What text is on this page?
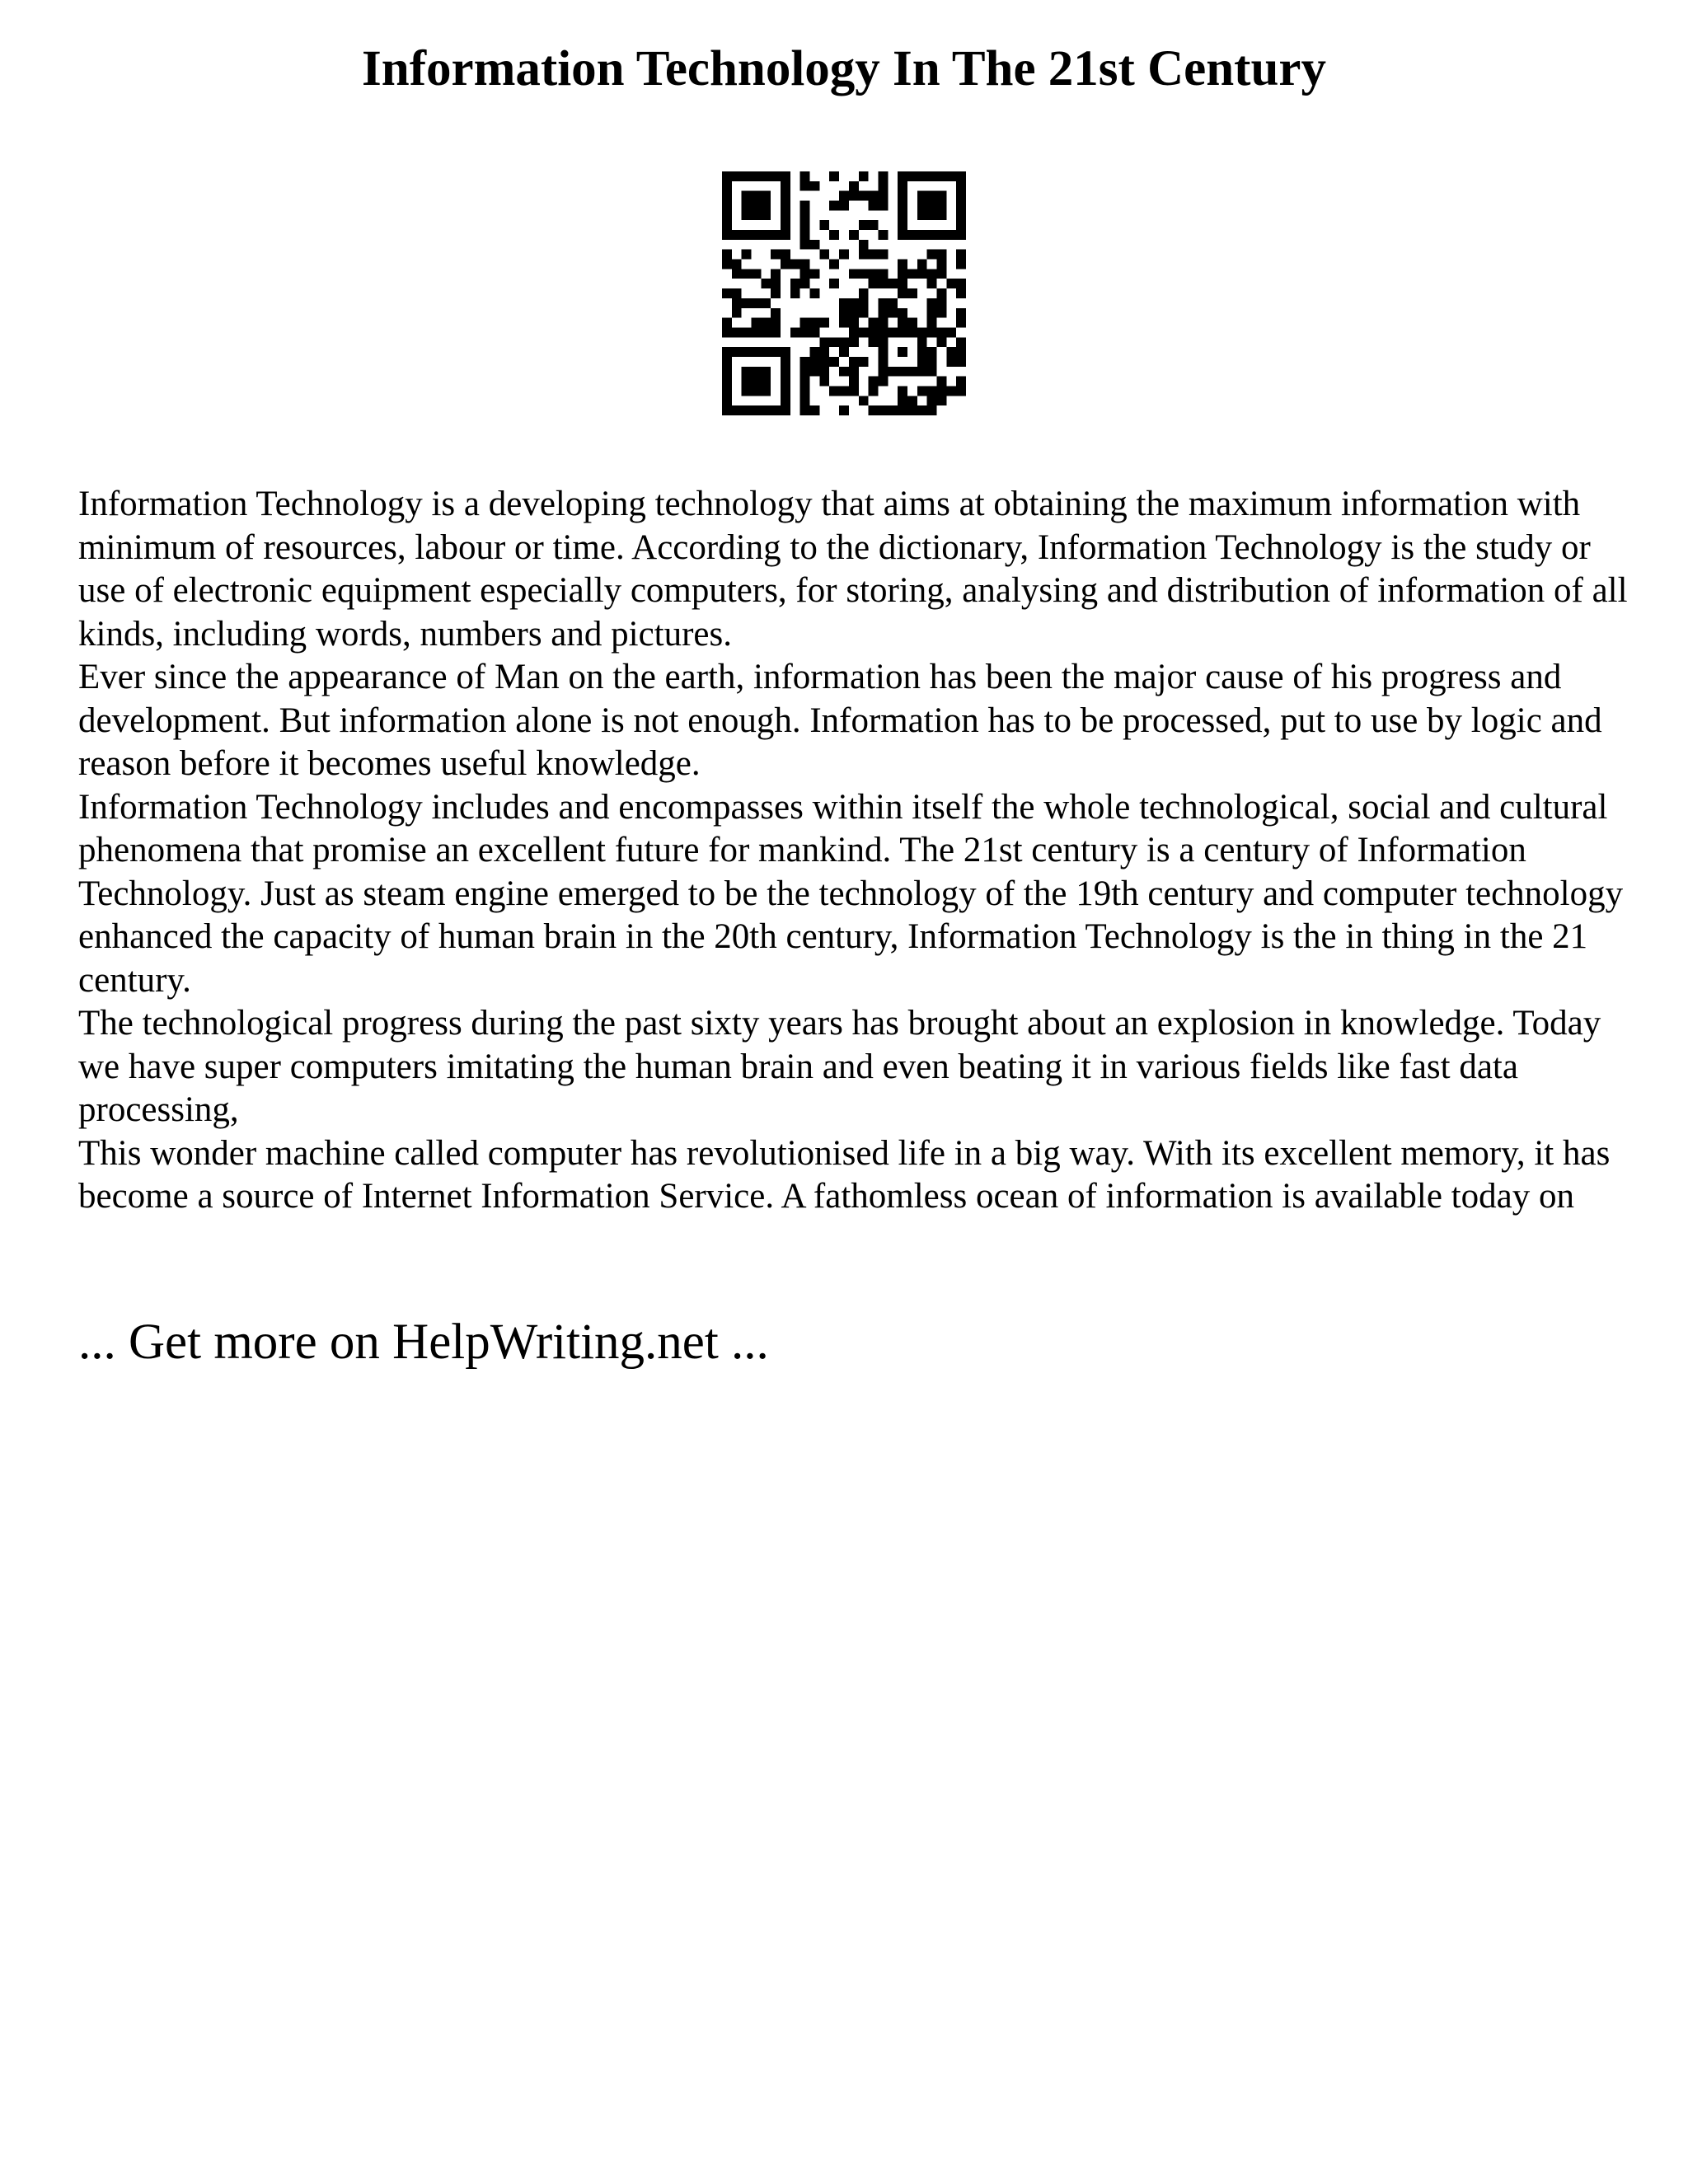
Information Technology In The 21st Century

Information Technology is a developing technology that aims at obtaining the maximum information with minimum of resources, labour or time. According to the dictionary, Information Technology is the study or use of electronic equipment especially computers, for storing, analysing and distribution of information of all kinds, including words, numbers and pictures.

Ever since the appearance of Man on the earth, information has been the major cause of his progress and development. But information alone is not enough. Information has to be processed, put to use by logic and reason before it becomes useful knowledge.

Information Technology includes and encompasses within itself the whole technological, social and cultural phenomena that promise an excellent future for mankind. The 21st century is a century of Information Technology. Just as steam engine emerged to be the technology of the 19th century and computer technology enhanced the capacity of human brain in the 20th century, Information Technology is the in thing in the 21 century.

The technological progress during the past sixty years has brought about an explosion in knowledge. Today we have super computers imitating the human brain and even beating it in various fields like fast data processing,

This wonder machine called computer has revolutionised life in a big way. With its excellent memory, it has become a source of Internet Information Service. A fathomless ocean of information is available today on

... Get more on HelpWriting.net ...
